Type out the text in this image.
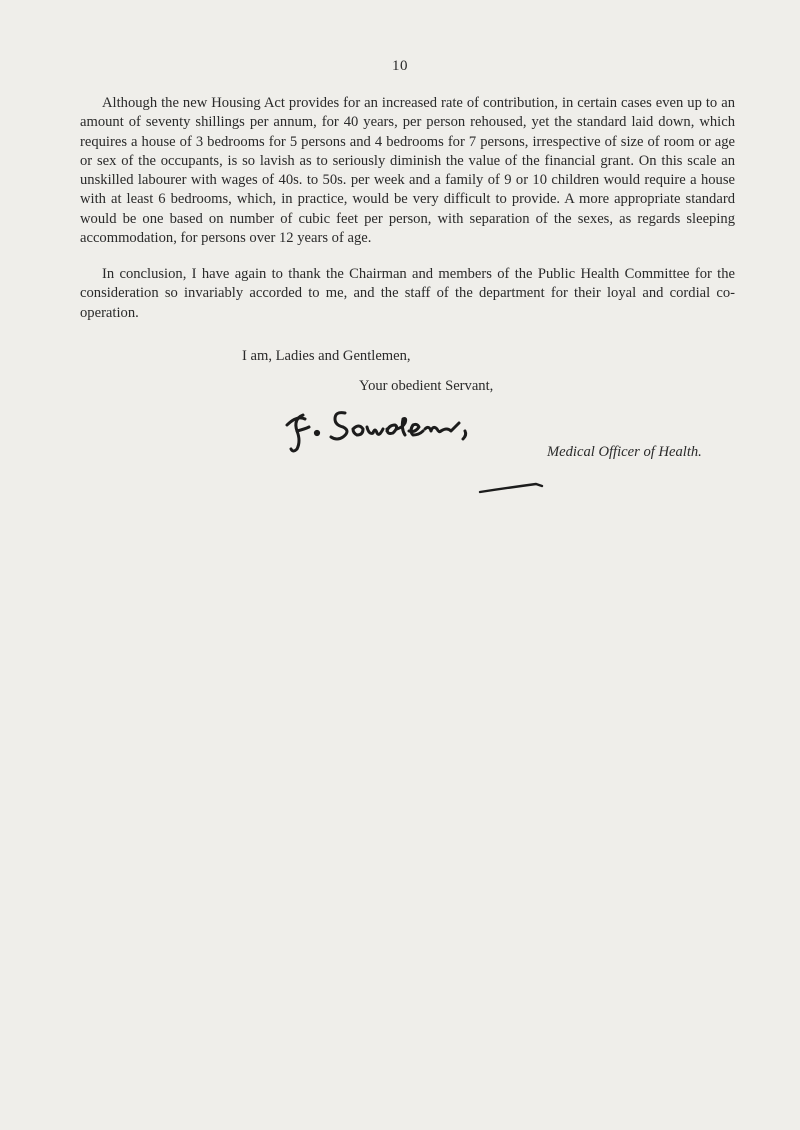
10

Although the new Housing Act provides for an increased rate of contribution, in certain cases even up to an amount of seventy shillings per annum, for 40 years, per person rehoused, yet the standard laid down, which requires a house of 3 bedrooms for 5 persons and 4 bedrooms for 7 persons, irrespective of size of room or age or sex of the occupants, is so lavish as to seriously diminish the value of the financial grant. On this scale an unskilled labourer with wages of 40s. to 50s. per week and a family of 9 or 10 children would require a house with at least 6 bedrooms, which, in practice, would be very difficult to provide. A more appropriate standard would be one based on number of cubic feet per person, with separation of the sexes, as regards sleeping accommodation, for persons over 12 years of age.

In conclusion, I have again to thank the Chairman and members of the Public Health Committee for the consideration so invariably accorded to me, and the staff of the department for their loyal and cordial co-operation.

I am, Ladies and Gentlemen,
Your obedient Servant,
Medical Officer of Health.
